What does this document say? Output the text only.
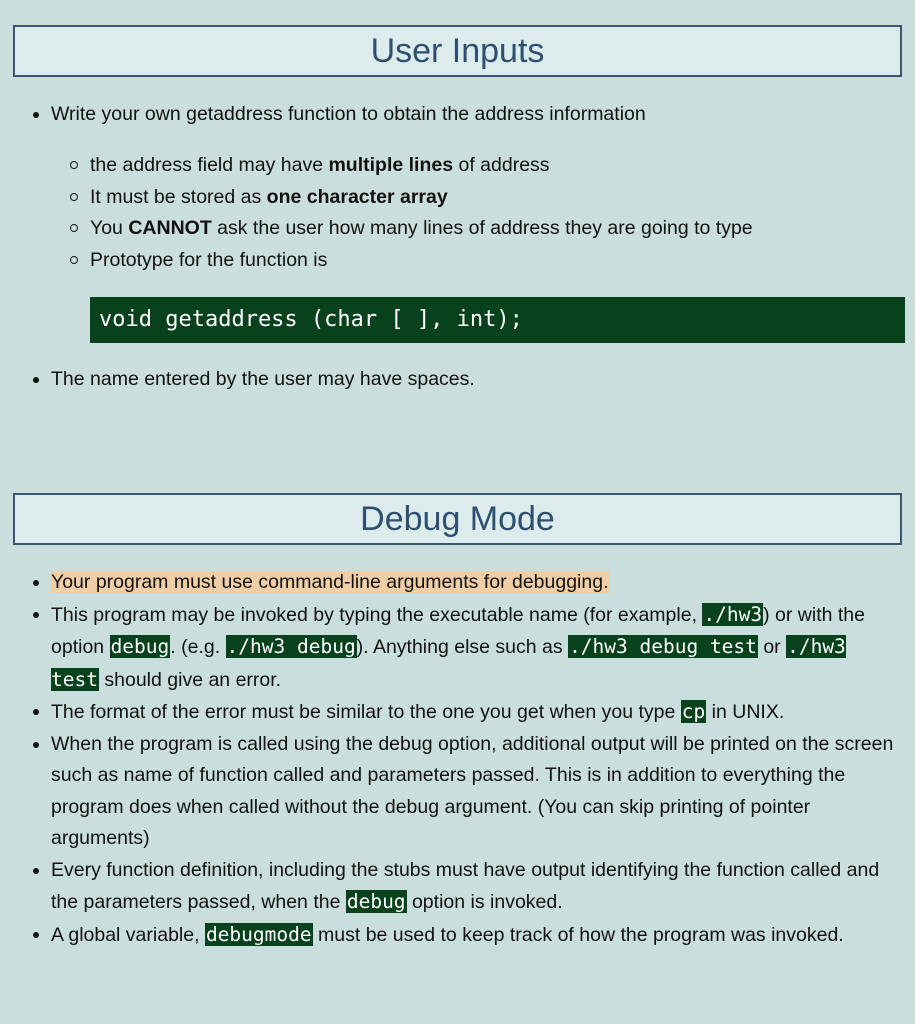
User Inputs
Write your own getaddress function to obtain the address information
the address field may have multiple lines of address
It must be stored as one character array
You CANNOT ask the user how many lines of address they are going to type
Prototype for the function is
void getaddress (char [ ], int);
The name entered by the user may have spaces.
Debug Mode
Your program must use command-line arguments for debugging.
This program may be invoked by typing the executable name (for example, ./hw3) or with the option debug. (e.g. ./hw3 debug). Anything else such as ./hw3 debug test or ./hw3 test should give an error.
The format of the error must be similar to the one you get when you type cp in UNIX.
When the program is called using the debug option, additional output will be printed on the screen such as name of function called and parameters passed. This is in addition to everything the program does when called without the debug argument. (You can skip printing of pointer arguments)
Every function definition, including the stubs must have output identifying the function called and the parameters passed, when the debug option is invoked.
A global variable, debugmode must be used to keep track of how the program was invoked.
